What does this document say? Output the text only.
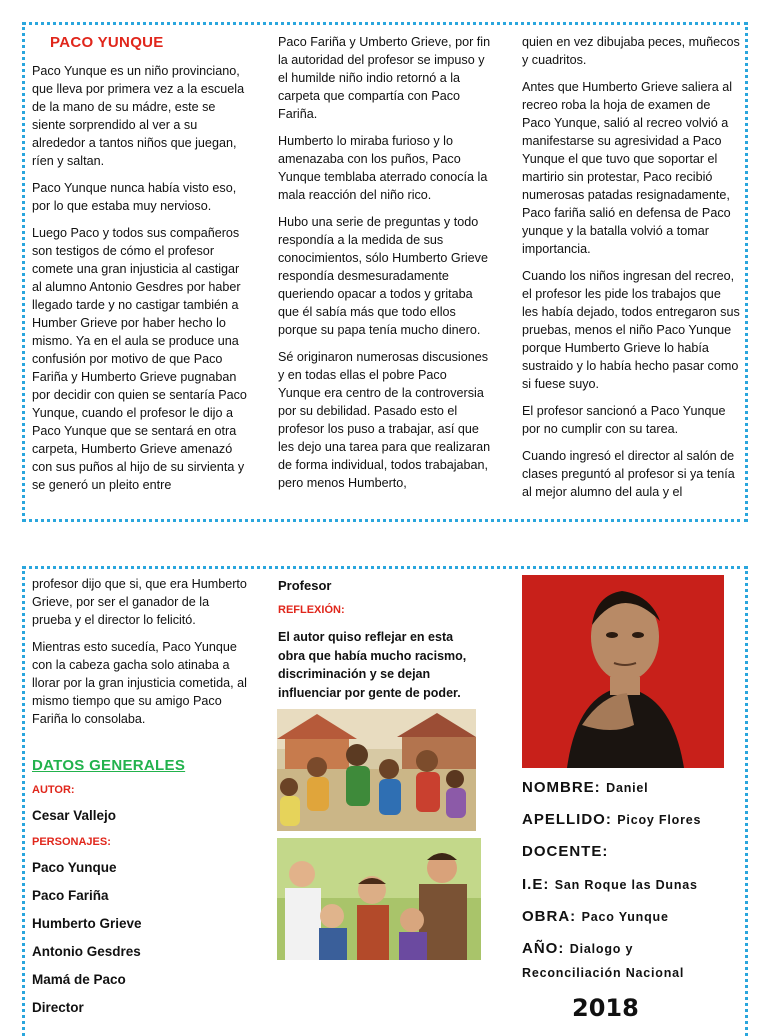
PACO YUNQUE

Paco Yunque es un niño provinciano, que lleva por primera vez a la escuela de la mano de su mádre, este se siente sorprendido al ver a su alrededor a tantos niños que juegan, ríen y saltan.

Paco Yunque nunca había visto eso, por lo que estaba muy nervioso.

Luego Paco y todos sus compañeros son testigos de cómo el profesor comete una gran injusticia al castigar al alumno Antonio Gesdres por haber llegado tarde y no castigar también a Humber Grieve por haber hecho lo mismo. Ya en el aula se produce una confusión por motivo de que Paco Fariña y Humberto Grieve pugnaban por decidir con quien se sentaría Paco Yunque, cuando el profesor le dijo a Paco Yunque que se sentará en otra carpeta, Humberto Grieve amenazó con sus puños al hijo de su sirvienta y se generó un pleito entre

Paco Fariña y Umberto Grieve, por fin la autoridad del profesor se impuso y el humilde niño indio retornó a la carpeta que compartía con Paco Fariña.

Humberto lo miraba furioso y lo amenazaba con los puños, Paco Yunque temblaba aterrado conocía la mala reacción del niño rico.

Hubo una serie de preguntas y todo respondía a la medida de sus conocimientos, sólo Humberto Grieve respondía desmesuradamente queriendo opacar a todos y gritaba que él sabía más que todo ellos porque su papa tenía mucho dinero.

Sé originaron numerosas discusiones y en todas ellas el pobre Paco Yunque era centro de la controversia por su debilidad. Pasado esto el profesor los puso a trabajar, así que les dejo una tarea para que realizaran de forma individual, todos trabajaban, pero menos Humberto,

quien en vez dibujaba peces, muñecos y cuadritos.

Antes que Humberto Grieve saliera al recreo roba la hoja de examen de Paco Yunque, salió al recreo volvió a manifestarse su agresividad a Paco Yunque el que tuvo que soportar el martirio sin protestar, Paco recibió numerosas patadas resignadamente, Paco fariña salió en defensa de Paco yunque y la batalla volvió a tomar importancia.

Cuando los niños ingresan del recreo, el profesor les pide los trabajos que les había dejado, todos entregaron sus pruebas, menos el niño Paco Yunque porque Humberto Grieve lo había sustraido y lo había hecho pasar como si fuese suyo.

El profesor sancionó a Paco Yunque por no cumplir con su tarea.

Cuando ingresó el director al salón de clases preguntó al profesor si ya tenía al mejor alumno del aula y el

profesor dijo que si, que era Humberto Grieve, por ser el ganador de la prueba y el director lo felicitó.

Mientras esto sucedía, Paco Yunque con la cabeza gacha solo atinaba a llorar por la gran injusticia cometida, al mismo tiempo que su amigo Paco Fariña lo consolaba.

DATOS GENERALES
AUTOR:
Cesar Vallejo
PERSONAJES:
Paco Yunque
Paco Fariña
Humberto Grieve
Antonio Gesdres
Mamá de Paco
Director
Profesor
REFLEXIÓN:
El autor quiso reflejar en esta obra que había mucho racismo, discriminación y se dejan influenciar por gente de poder.
NOMBRE: Daniel
APELLIDO: Picoy Flores
DOCENTE:
I.E: San Roque las Dunas
OBRA: Paco Yunque
AÑO: Dialogo y
Reconciliación Nacional
2018
